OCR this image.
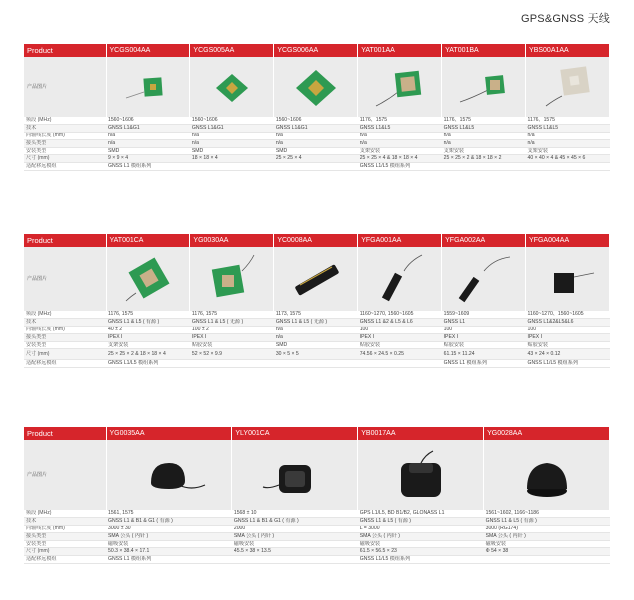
GPS&GNSS 天线
Product	YCGS004AA	YCGS005AA	YCGS006AA	YAT001AA	YAT001BA	YBS00A1AA
产品图片	

频段 (MHz)	1560~1606	1560~1606	1560~1606	1176、1575	1176、1575	1176、1575
技术	GNSS L1&G1	GNSS L1&G1	GNSS L1&G1	GNSS L1&L5	GNSS L1&L5	GNSS L1&L5
同轴线长度 (mm)	n/a	n/a	n/a	n/a	n/a	n/a
接头类型	n/a	n/a	n/a	n/a	n/a	n/a
安装类型	SMD	SMD	SMD	支架安装	支架安装	支架安装
尺寸 (mm)	9 × 9 × 4	18 × 18 × 4	25 × 25 × 4	25 × 25 × 4 & 18 × 18 × 4	25 × 25 × 2 & 18 × 18 × 2	40 × 40 × 4 & 45 × 45 × 6
适配移远模组	GNSS L1 模组系列			GNSS L1/L5 模组系列		
Product	YAT001CA	YG0030AA	YC0008AA	YFGA001AA	YFGA002AA	YFGA004AA
产品图片	

频段 (MHz)	1176, 1575	1176, 1575	1173, 1575	1160~1270, 1560~1605	1559~1609	1160~1270、1560~1605
技术	GNSS L1 & L5 ( 有源 )	GNSS L1 & L5 ( 无源 )	GNSS L1 & L5 ( 无源 )	GNSS L1 &2 & L5 & L6	GNSS L1	GNSS L1&2&L5&L6
同轴线长度 (mm)	40 ± 2	100 ± 2	n/a	100	100	100
接头类型	IPEX Ⅰ	IPEX Ⅰ	n/a	IPEX Ⅰ	IPEX Ⅰ	IPEX Ⅰ
安装类型	支架安装	贴胶安装	SMD	贴胶安装	贴胶安装	贴胶安装
尺寸 (mm)	25 × 25 × 2 & 18 × 18 × 4	52 × 52 × 9.9	30 × 5 × 5	74.56 × 24.5 × 0.25	61.15 × 11.24	43 × 24 × 0.12
适配移远模组	GNSS L1/L5 模组系列				GNSS L1 模组系列	GNSS L1/L5 模组系列
Product	YG0035AA	YLY001CA	YB0017AA	YG0028AA
产品图片	

频段 (MHz)	1561, 1575	1568 ± 10	GPS L1/L5, BD B1/B2, GLONASS L1	1561~1602, 1166~1186
技术	GNSS L1 & B1 & G1 ( 有源 )	GNSS L1 & B1 & G1 ( 有源 )	GNSS L1 & L5 ( 有源 )	GNSS L1 & L5 ( 有源 )
同轴线长度 (mm)	3000 ± 30	2000	L = 3000	3000 (RG174)
接头类型	SMA 公头 ( 内针 )	SMA 公头 ( 内针 )	SMA 公头 ( 内针 )	SMA 公头 ( 内针 )
安装类型	磁吸安装	磁吸安装	磁吸安装	磁吸安装
尺寸 (mm)	50.3 × 38.4 × 17.1	45.5 × 38 × 13.5	61.5 × 56.5 × 23	Φ 54 × 38
适配移远模组	GNSS L1 模组系列		GNSS L1/L5 模组系列	
